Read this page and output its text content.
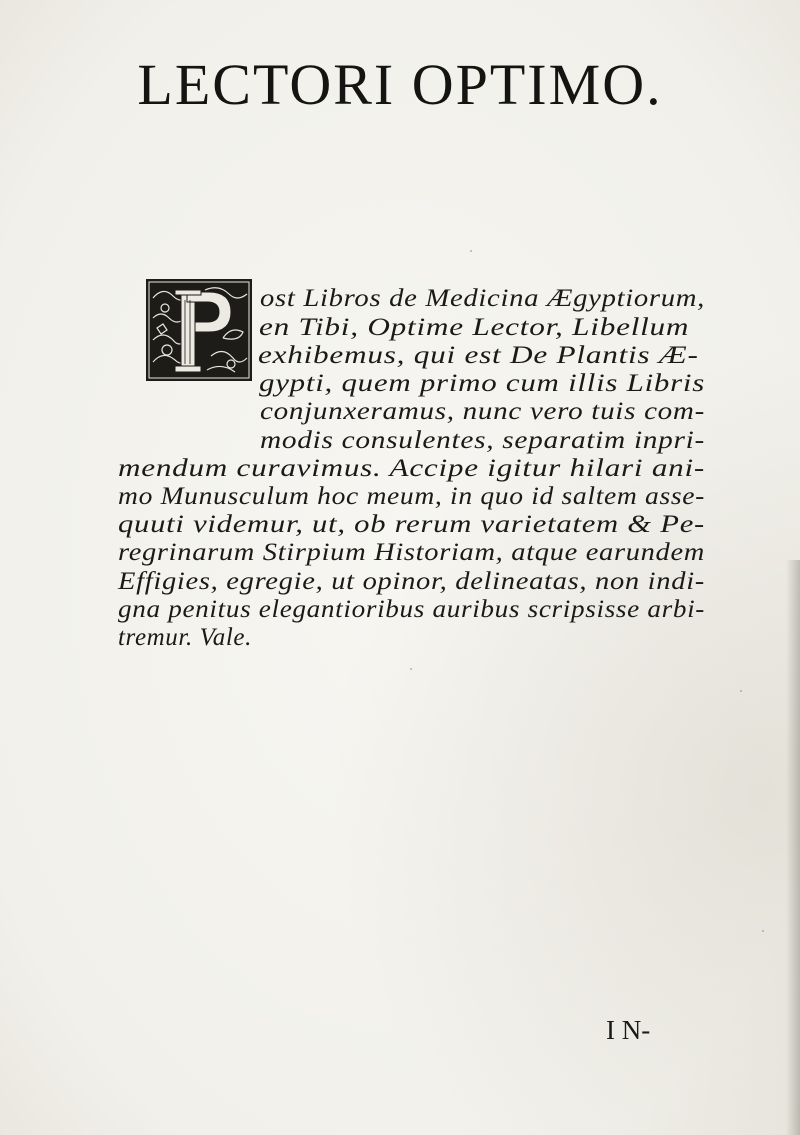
LECTORI OPTIMO.
ost Libros de Medicina Ægyptiorum,
en Tibi, Optime Lector, Libellum
exhibemus, qui est De Plantis Æ-
gypti, quem primo cum illis Libris
conjunxeramus, nunc vero tuis com-
modis consulentes, separatim inpri-
mendum curavimus. Accipe igitur hilari ani-
mo Munusculum hoc meum, in quo id saltem asse-
quuti videmur, ut, ob rerum varietatem & Pe-
regrinarum Stirpium Historiam, atque earundem
Effigies, egregie, ut opinor, delineatas, non indi-
gna penitus elegantioribus auribus scripsisse arbi-
tremur. Vale.
I N-
